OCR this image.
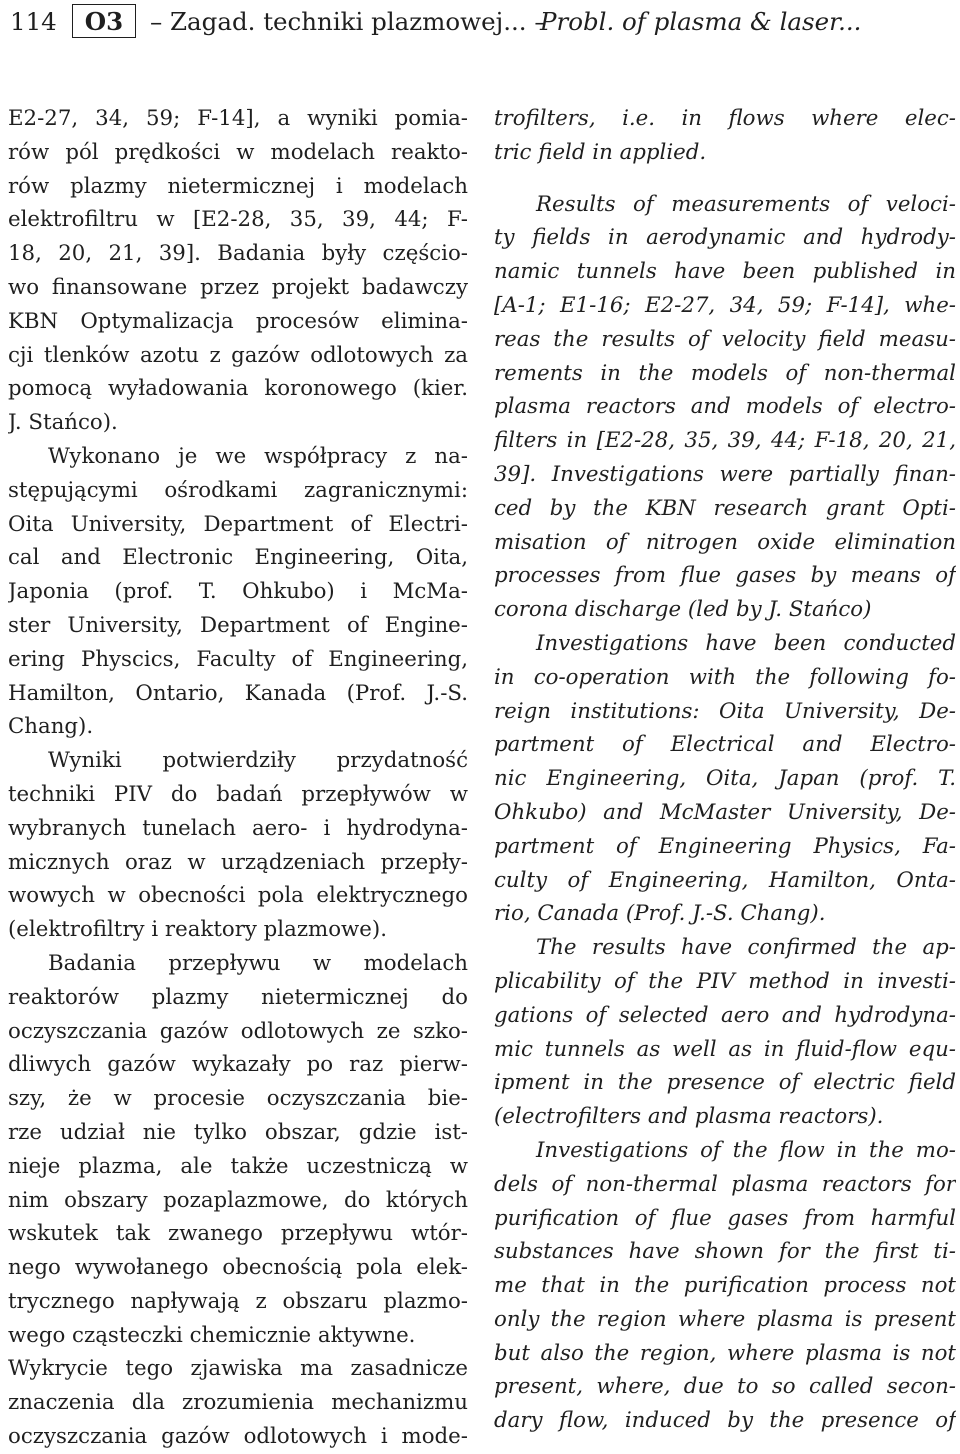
114	O3	– Zagad. techniki plazmowej... –
Probl. of plasma & laser...
E2-27, 34, 59; F-14], a wyniki pomia-
rów pól prędkości w modelach reakto-
rów plazmy nietermicznej i modelach
elektrofiltru w [E2-28, 35, 39, 44; F-
18, 20, 21, 39]. Badania były częścio-
wo finansowane przez projekt badawczy
KBN Optymalizacja procesów elimina-
cji tlenków azotu z gazów odlotowych za
pomocą wyładowania koronowego (kier.
J. Stańco).
Wykonano je we współpracy z na-
stępującymi ośrodkami zagranicznymi:
Oita University, Department of Electri-
cal and Electronic Engineering, Oita,
Japonia (prof. T. Ohkubo) i McMa-
ster University, Department of Engine-
ering Physcics, Faculty of Engineering,
Hamilton, Ontario, Kanada (Prof. J.-S.
Chang).
Wyniki potwierdziły przydatność
techniki PIV do badań przepływów w
wybranych tunelach aero- i hydrodyna-
micznych oraz w urządzeniach przepły-
wowych w obecności pola elektrycznego
(elektrofiltry i reaktory plazmowe).
Badania przepływu w modelach
reaktorów plazmy nietermicznej do
oczyszczania gazów odlotowych ze szko-
dliwych gazów wykazały po raz pierw-
szy, że w procesie oczyszczania bie-
rze udział nie tylko obszar, gdzie ist-
nieje plazma, ale także uczestniczą w
nim obszary pozaplazmowe, do których
wskutek tak zwanego przepływu wtór-
nego wywołanego obecnością pola elek-
trycznego napływają z obszaru plazmo-
wego cząsteczki chemicznie aktywne.
Wykrycie tego zjawiska ma zasadnicze
znaczenia dla zrozumienia mechanizmu
oczyszczania gazów odlotowych i mode-
trofilters, i.e. in flows where elec-
tric field in applied.
Results of measurements of veloci-
ty fields in aerodynamic and hydrody-
namic tunnels have been published in
[A-1; E1-16; E2-27, 34, 59; F-14], whe-
reas the results of velocity field measu-
rements in the models of non-thermal
plasma reactors and models of electro-
filters in [E2-28, 35, 39, 44; F-18, 20, 21,
39]. Investigations were partially finan-
ced by the KBN research grant Opti-
misation of nitrogen oxide elimination
processes from flue gases by means of
corona discharge (led by J. Stańco)
Investigations have been conducted
in co-operation with the following fo-
reign institutions: Oita University, De-
partment of Electrical and Electro-
nic Engineering, Oita, Japan (prof. T.
Ohkubo) and McMaster University, De-
partment of Engineering Physics, Fa-
culty of Engineering, Hamilton, Onta-
rio, Canada (Prof. J.-S. Chang).
The results have confirmed the ap-
plicability of the PIV method in investi-
gations of selected aero and hydrodyna-
mic tunnels as well as in fluid-flow equ-
ipment in the presence of electric field
(electrofilters and plasma reactors).
Investigations of the flow in the mo-
dels of non-thermal plasma reactors for
purification of flue gases from harmful
substances have shown for the first ti-
me that in the purification process not
only the region where plasma is present
but also the region, where plasma is not
present, where, due to so called secon-
dary flow, induced by the presence of
